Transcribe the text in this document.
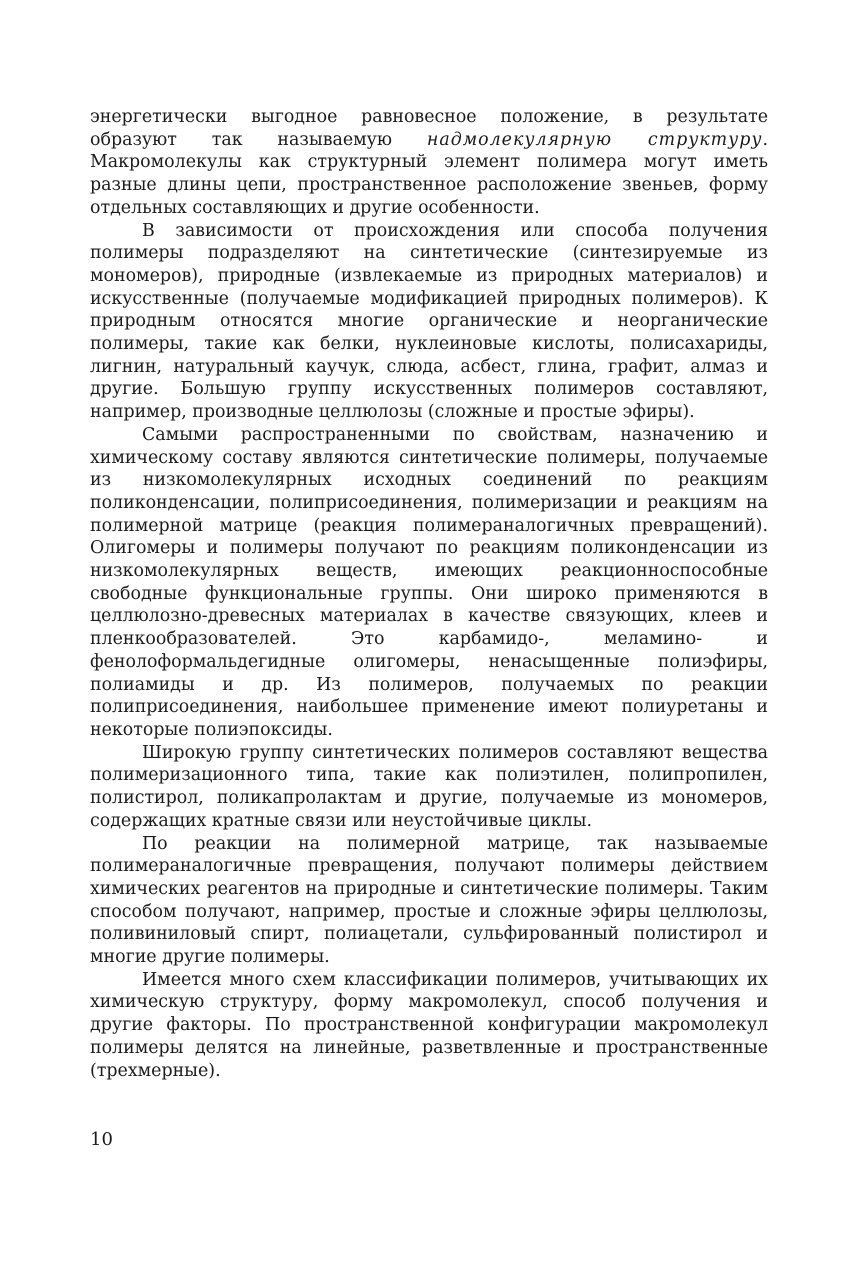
энергетически выгодное равновесное положение, в результате образуют так называемую надмолекулярную структуру. Макромолекулы как структурный элемент полимера могут иметь разные длины цепи, пространственное расположение звеньев, форму отдельных составляющих и другие особенности.

В зависимости от происхождения или способа получения полимеры подразделяют на синтетические (синтезируемые из мономеров), природные (извлекаемые из природных материалов) и искусственные (получаемые модификацией природных полимеров). К природным относятся многие органические и неорганические полимеры, такие как белки, нуклеиновые кислоты, полисахариды, лигнин, натуральный каучук, слюда, асбест, глина, графит, алмаз и другие. Большую группу искусственных полимеров составляют, например, производные целлюлозы (сложные и простые эфиры).

Самыми распространенными по свойствам, назначению и химическому составу являются синтетические полимеры, получаемые из низкомолекулярных исходных соединений по реакциям поликонденсации, полиприсоединения, полимеризации и реакциям на полимерной матрице (реакция полимераналогичных превращений). Олигомеры и полимеры получают по реакциям поликонденсации из низкомолекулярных веществ, имеющих реакционноспособные свободные функциональные группы. Они широко применяются в целлюлозно-древесных материалах в качестве связующих, клеев и пленкообразователей. Это карбамидо-, меламино- и фенолоформальдегидные олигомеры, ненасыщенные полиэфиры, полиамиды и др. Из полимеров, получаемых по реакции полиприсоединения, наибольшее применение имеют полиуретаны и некоторые полиэпоксиды.

Широкую группу синтетических полимеров составляют вещества полимеризационного типа, такие как полиэтилен, полипропилен, полистирол, поликапролактам и другие, получаемые из мономеров, содержащих кратные связи или неустойчивые циклы.

По реакции на полимерной матрице, так называемые полимераналогичные превращения, получают полимеры действием химических реагентов на природные и синтетические полимеры. Таким способом получают, например, простые и сложные эфиры целлюлозы, поливиниловый спирт, полиацетали, сульфированный полистирол и многие другие полимеры.

Имеется много схем классификации полимеров, учитывающих их химическую структуру, форму макромолекул, способ получения и другие факторы. По пространственной конфигурации макромолекул полимеры делятся на линейные, разветвленные и пространственные (трехмерные).

10
